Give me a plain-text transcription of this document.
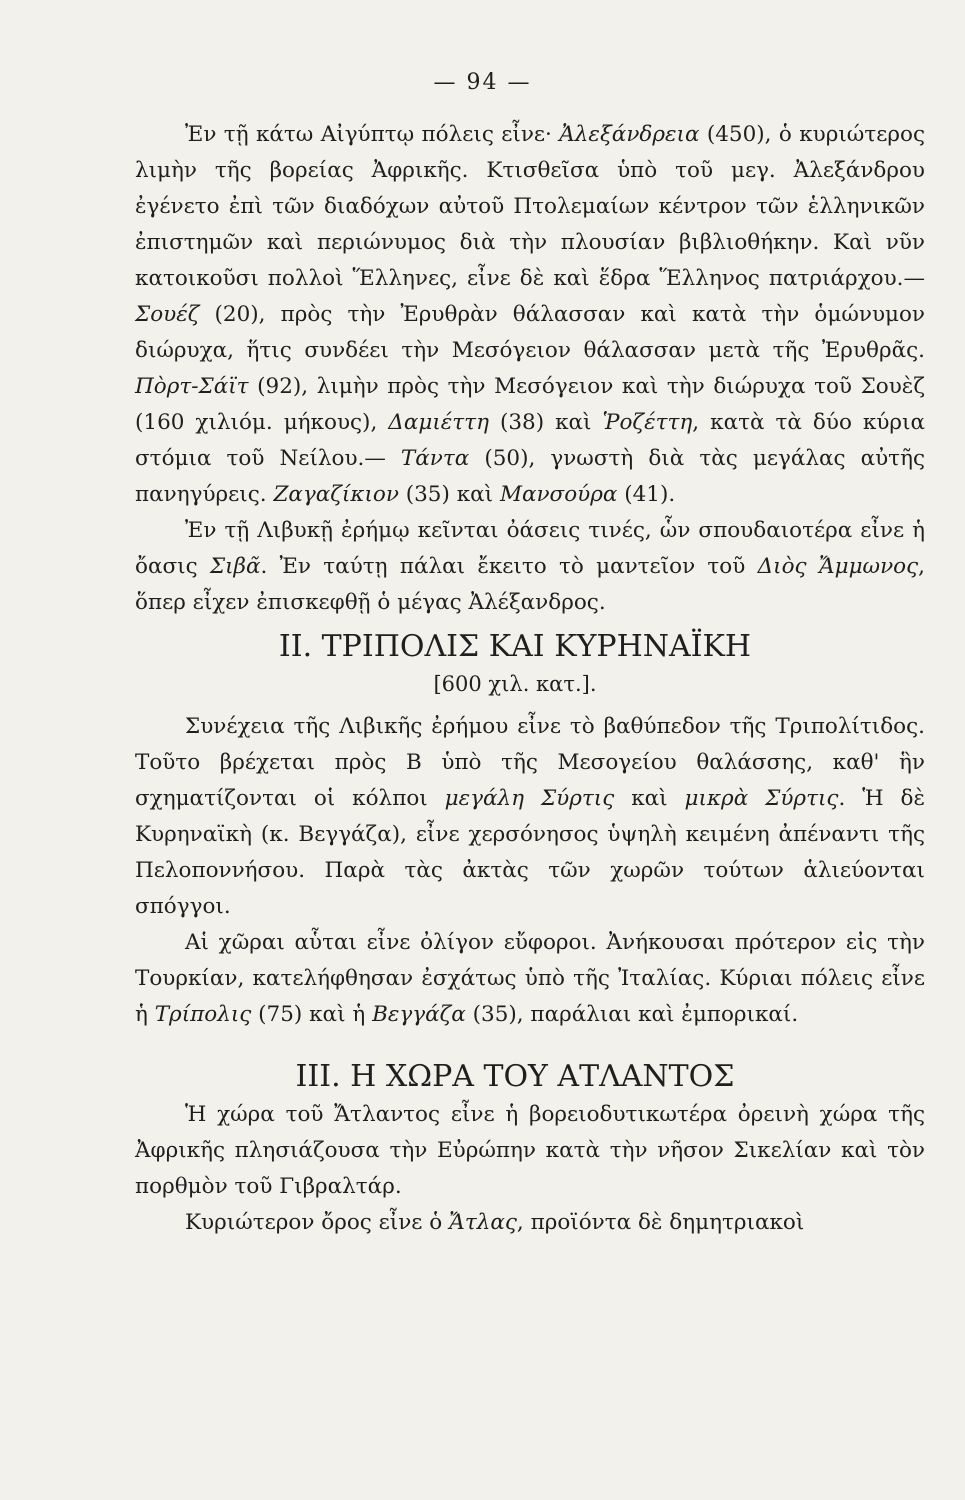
— 94 —

Ἐν τῇ κάτω Αἰγύπτῳ πόλεις εἶνε· Ἀλεξάνδρεια (450), ὁ κυριώτερος λιμὴν τῆς βορείας Ἀφρικῆς. Κτισθεῖσα ὑπὸ τοῦ μεγ. Ἀλεξάνδρου ἐγένετο ἐπὶ τῶν διαδόχων αὐτοῦ Πτολεμαίων κέντρον τῶν ἑλληνικῶν ἐπιστημῶν καὶ περιώνυμος διὰ τὴν πλουσίαν βιβλιοθήκην. Καὶ νῦν κατοικοῦσι πολλοὶ Ἕλληνες, εἶνε δὲ καὶ ἕδρα Ἕλληνος πατριάρχου.— Σουέζ (20), πρὸς τὴν Ἐρυθρὰν θάλασσαν καὶ κατὰ τὴν ὁμώνυμον διώρυχα, ἥτις συνδέει τὴν Μεσόγειον θάλασσαν μετὰ τῆς Ἐρυθρᾶς. Πὸρτ-Σάϊτ (92), λιμὴν πρὸς τὴν Μεσόγειον καὶ τὴν διώρυχα τοῦ Σουὲζ (160 χιλιόμ. μήκους), Δαμιέττη (38) καὶ Ῥοζέττη, κατὰ τὰ δύο κύρια στόμια τοῦ Νείλου.— Τάντα (50), γνωστὴ διὰ τὰς μεγάλας αὐτῆς πανηγύρεις. Ζαγαζίκιον (35) καὶ Μανσούρα (41).

Ἐν τῇ Λιβυκῇ ἐρήμῳ κεῖνται ὀάσεις τινές, ὧν σπουδαιοτέρα εἶνε ἡ ὄασις Σιβᾶ. Ἐν ταύτῃ πάλαι ἔκειτο τὸ μαντεῖον τοῦ Διὸς Ἄμμωνος, ὅπερ εἶχεν ἐπισκεφθῇ ὁ μέγας Ἀλέξανδρος.

II. ΤΡΙΠΟΛΙΣ ΚΑΙ ΚΥΡΗΝΑΪΚΗ
[600 χιλ. κατ.].

Συνέχεια τῆς Λιβικῆς ἐρήμου εἶνε τὸ βαθύπεδον τῆς Τριπολίτιδος. Τοῦτο βρέχεται πρὸς Β ὑπὸ τῆς Μεσογείου θαλάσσης, καθ' ἣν σχηματίζονται οἱ κόλποι μεγάλη Σύρτις καὶ μικρὰ Σύρτις. Ἡ δὲ Κυρηναϊκὴ (κ. Βεγγάζα), εἶνε χερσόνησος ὑψηλὴ κειμένη ἀπέναντι τῆς Πελοποννήσου. Παρὰ τὰς ἀκτὰς τῶν χωρῶν τούτων ἁλιεύονται σπόγγοι.

Αἱ χῶραι αὗται εἶνε ὀλίγον εὔφοροι. Ἀνήκουσαι πρότερον εἰς τὴν Τουρκίαν, κατελήφθησαν ἐσχάτως ὑπὸ τῆς Ἰταλίας. Κύριαι πόλεις εἶνε ἡ Τρίπολις (75) καὶ ἡ Βεγγάζα (35), παράλιαι καὶ ἐμπορικαί.

III. Η ΧΩΡΑ ΤΟΥ ΑΤΛΑΝΤΟΣ

Ἡ χώρα τοῦ Ἄτλαντος εἶνε ἡ βορειοδυτικωτέρα ὀρεινὴ χώρα τῆς Ἀφρικῆς πλησιάζουσα τὴν Εὐρώπην κατὰ τὴν νῆσον Σικελίαν καὶ τὸν πορθμὸν τοῦ Γιβραλτάρ.

Κυριώτερον ὄρος εἶνε ὁ Ἄτλας, προϊόντα δὲ δημητριακοὶ
